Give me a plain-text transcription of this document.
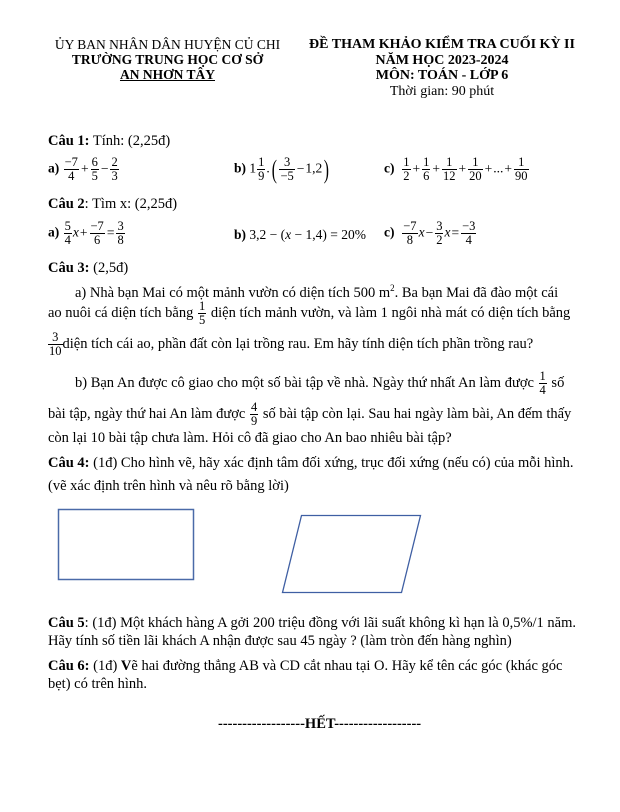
ỦY BAN NHÂN DÂN HUYỆN CỦ CHI
TRƯỜNG TRUNG HỌC CƠ SỞ
AN NHƠN TÂY
ĐỀ THAM KHẢO KIỂM TRA CUỐI KỲ II
NĂM HỌC 2023-2024
MÔN: TOÁN - LỚP 6
Thời gian: 90 phút
Câu 1: Tính: (2,25đ)
$a) \frac{-7}{4} + \frac{6}{5} - \frac{2}{3}$	b) $1 \frac{1}{9}$ .( $\frac{3}{-5} -1,2$)	$c) \frac{1}{2} + \frac{1}{6} + \frac{1}{12} + \frac{1}{20}$ +...+ $\frac{1}{90}$
Câu 2: Tìm x: (2,25đ)
$a) \frac{5}{4} x+ \frac{-7}{6} = \frac{3}{8}$	b) 3,2 − (x − 1,4) = 20% $c) \frac{-7}{8} x- \frac{3}{2} x= \frac{-3}{4}$
Câu 3: (2,5đ)
a) Nhà bạn Mai có một mảnh vườn có diện tích 500 $m^2$. Ba bạn Mai đã đào một cái
ao nuôi cá diện tích bằng $\frac{1}{5}$ diện tích mảnh vườn, và làm 1 ngôi nhà mát có diện tích bằng
$\frac{3}{10}$ diện tích cái ao, phần đất còn lại trồng rau. Em hãy tính diện tích phần trồng rau?
b) Bạn An được cô giao cho một số bài tập về nhà. Ngày thứ nhất An làm được $\frac{1}{4}$ số
bài tập, ngày thứ hai An làm được $\frac{4}{9}$ số bài tập còn lại. Sau hai ngày làm bài, An đếm thấy
còn lại 10 bài tập chưa làm. Hỏi cô đã giao cho An bao nhiêu bài tập?
Câu 4: (1đ) Cho hình vẽ, hãy xác định tâm đối xứng, trục đối xứng (nếu có) của mỗi hình.
(vẽ xác định trên hình và nêu rõ bằng lời)
Câu 5: (1đ) Một khách hàng A gởi 200 triệu đồng với lãi suất không kì hạn là 0,5%/1 năm.
Hãy tính số tiền lãi khách A nhận được sau 45 ngày ? (làm tròn đến hàng nghìn)
Câu 6: (1đ) Vẽ hai đường thẳng AB và CD cắt nhau tại O. Hãy kể tên các góc (khác góc
bẹt) có trên hình.
------------------HẾT------------------
